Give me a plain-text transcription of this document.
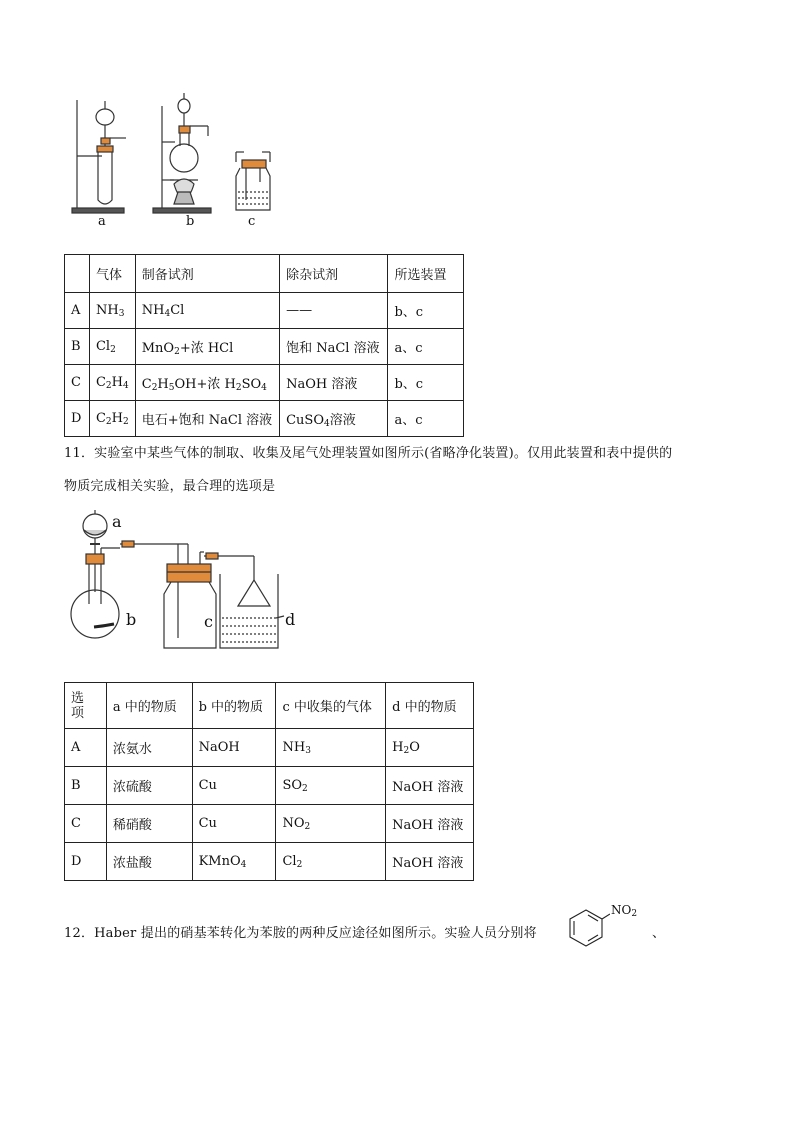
a	b	c
	气体	制备试剂	除杂试剂	所选装置
A	$NH_3$	$NH_4Cl$	——	b、c
B	$Cl_2$	MnO$_2$+浓 HCl	饱和 NaCl 溶液	a、c
C	$C_2H_4$	$C_2H_5OH+$浓 $H_2SO_4$	NaOH 溶液	b、c
D	$C_2H_2$	电石+饱和 NaCl 溶液	CuSO$_4$溶液	a、c
11．实验室中某些气体的制取、收集及尾气处理装置如图所示(省略净化装置)。仅用此装置和表中提供的
物质完成相关实验，最合理的选项是
a
b	c	d
选
项	a 中的物质	b 中的物质	c 中收集的气体	d 中的物质
A	浓氨水	NaOH	$NH_3$	$H_2O$
B	浓硫酸	Cu	$SO_2$	NaOH 溶液
C	稀硝酸	Cu	$NO_2$	NaOH 溶液
D	浓盐酸	KMnO$_4$	$Cl_2$	NaOH 溶液
12．Haber 提出的硝基苯转化为苯胺的两种反应途径如图所示。实验人员分别将
$NO_2$
、
